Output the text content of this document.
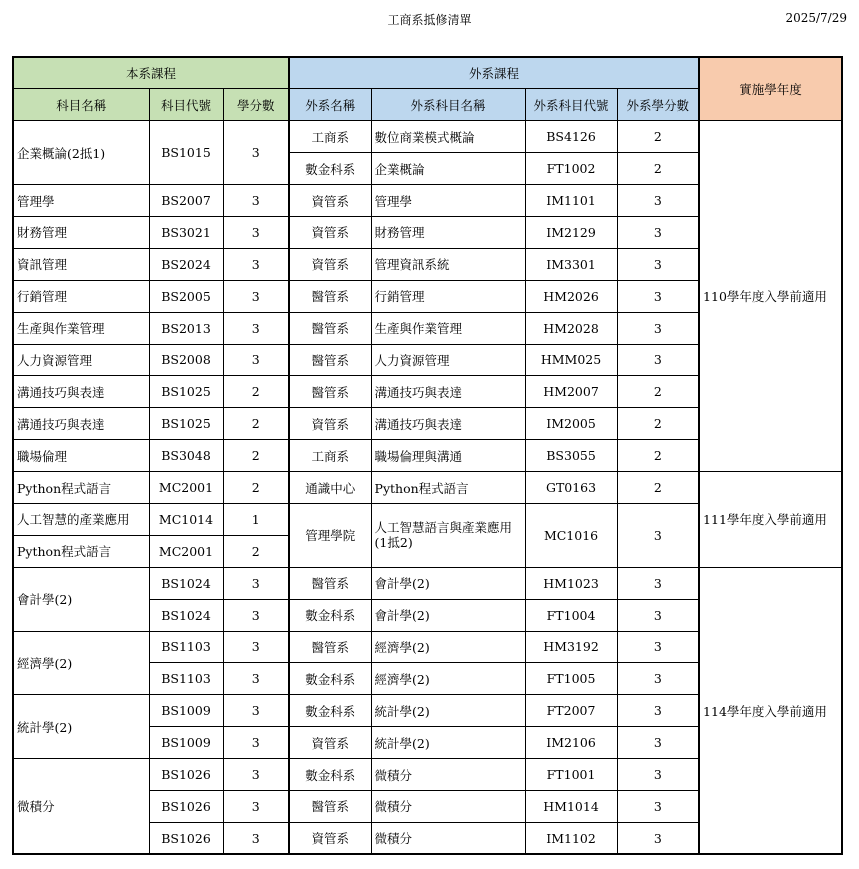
工商系抵修清單	2025/7/29
本系課程			外系課程				實施學年度
科目名稱	科目代號	學分數	外系名稱	外系科目名稱	外系科目代號	外系學分數	
企業概論(2抵1)	BS1015	3	工商系	數位商業模式概論	BS4126	2	110學年度入學前適用
			數金科系	企業概論	FT1002	2	
管理學	BS2007	3	資管系	管理學	IM1101	3	
財務管理	BS3021	3	資管系	財務管理	IM2129	3	
資訊管理	BS2024	3	資管系	管理資訊系統	IM3301	3	
行銷管理	BS2005	3	醫管系	行銷管理	HM2026	3	
生產與作業管理	BS2013	3	醫管系	生產與作業管理	HM2028	3	
人力資源管理	BS2008	3	醫管系	人力資源管理	HMM025	3	
溝通技巧與表達	BS1025	2	醫管系	溝通技巧與表達	HM2007	2	
溝通技巧與表達	BS1025	2	資管系	溝通技巧與表達	IM2005	2	
職場倫理	BS3048	2	工商系	職場倫理與溝通	BS3055	2	
Python程式語言	MC2001	2	通識中心	Python程式語言	GT0163	2	111學年度入學前適用
人工智慧的產業應用	MC1014	1	管理學院	人工智慧語言與產業應用(1抵2)	MC1016	3	
Python程式語言	MC2001	2					
會計學(2)	BS1024	3	醫管系	會計學(2)	HM1023	3	114學年度入學前適用
	BS1024	3	數金科系	會計學(2)	FT1004	3	
經濟學(2)	BS1103	3	醫管系	經濟學(2)	HM3192	3	
	BS1103	3	數金科系	經濟學(2)	FT1005	3	
統計學(2)	BS1009	3	數金科系	統計學(2)	FT2007	3	
	BS1009	3	資管系	統計學(2)	IM2106	3	
微積分	BS1026	3	數金科系	微積分	FT1001	3	
	BS1026	3	醫管系	微積分	HM1014	3	
	BS1026	3	資管系	微積分	IM1102	3	
